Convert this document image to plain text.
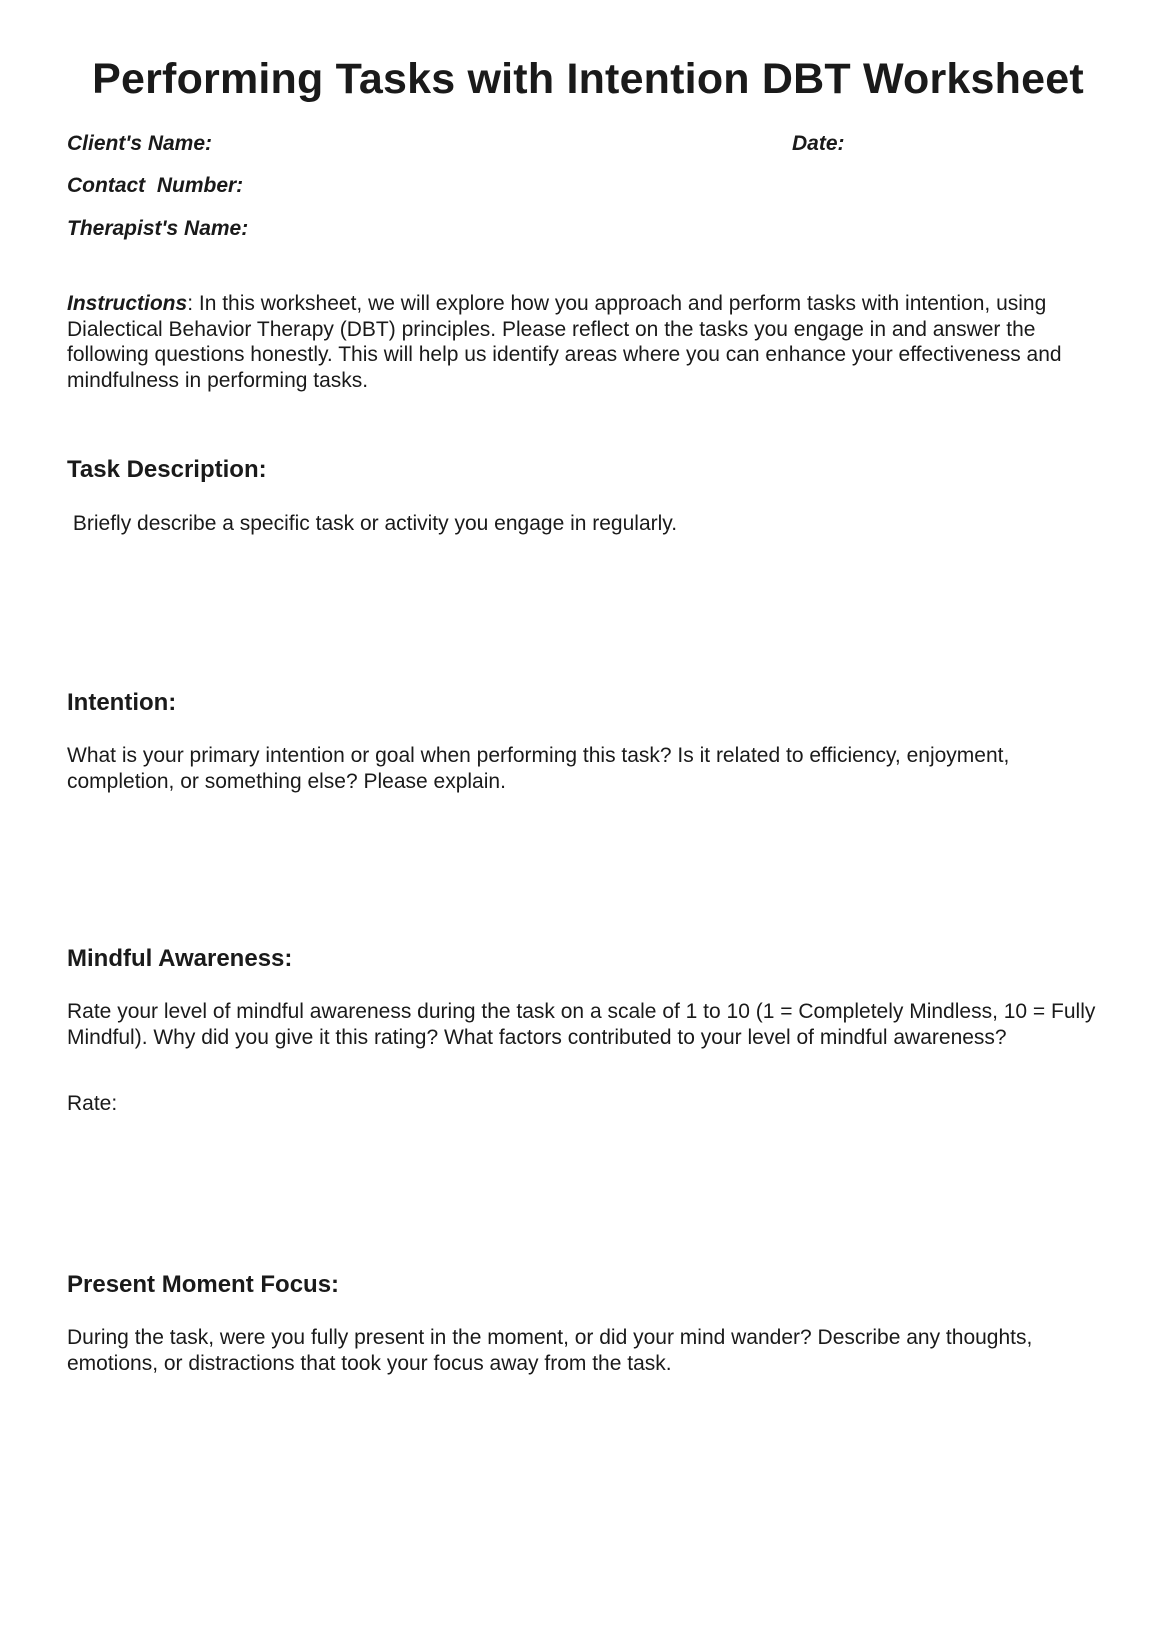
Performing Tasks with Intention DBT Worksheet
Client's Name:	Date:
Contact  Number:
Therapist's Name:

Instructions: In this worksheet, we will explore how you approach and perform tasks with intention, using Dialectical Behavior Therapy (DBT) principles. Please reflect on the tasks you engage in and answer the following questions honestly. This will help us identify areas where you can enhance your effectiveness and mindfulness in performing tasks.

Task Description:

Briefly describe a specific task or activity you engage in regularly.

Intention:

What is your primary intention or goal when performing this task? Is it related to efficiency, enjoyment, completion, or something else? Please explain.

Mindful Awareness:

Rate your level of mindful awareness during the task on a scale of 1 to 10 (1 = Completely Mindless, 10 = Fully Mindful). Why did you give it this rating? What factors contributed to your level of mindful awareness?

Rate:

Present Moment Focus:

During the task, were you fully present in the moment, or did your mind wander? Describe any thoughts, emotions, or distractions that took your focus away from the task.
